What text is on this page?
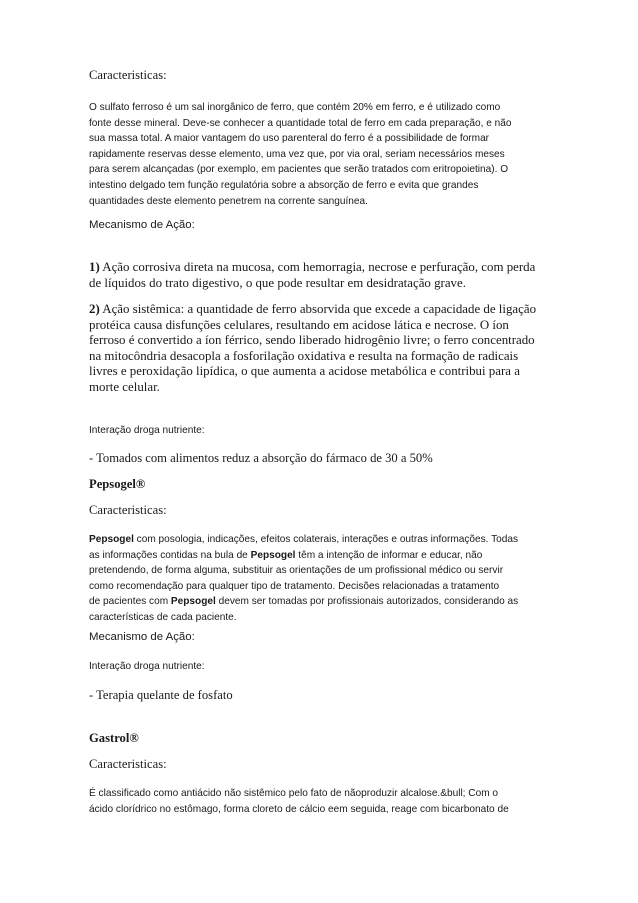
Caracteristicas:

O sulfato ferroso é um sal inorgânico de ferro, que contém 20% em ferro, e é utilizado como
fonte desse mineral. Deve-se conhecer a quantidade total de ferro em cada preparação, e não
sua massa total. A maior vantagem do uso parenteral do ferro é a possibilidade de formar
rapidamente reservas desse elemento, uma vez que, por via oral, seriam necessários meses
para serem alcançadas (por exemplo, em pacientes que serão tratados com eritropoietina). O
intestino delgado tem função regulatória sobre a absorção de ferro e evita que grandes
quantidades deste elemento penetrem na corrente sanguínea.

Mecanismo de Ação:

1) Ação corrosiva direta na mucosa, com hemorragia, necrose e perfuração, com perda
de líquidos do trato digestivo, o que pode resultar em desidratação grave.
2) Ação sistêmica: a quantidade de ferro absorvida que excede a capacidade de ligação
protéica causa disfunções celulares, resultando em acidose lática e necrose. O íon
ferroso é convertido a íon férrico, sendo liberado hidrogênio livre; o ferro concentrado
na mitocôndria desacopla a fosforilação oxidativa e resulta na formação de radicais
livres e peroxidação lipídica, o que aumenta a acidose metabólica e contribui para a
morte celular.

Interação droga nutriente:

- Tomados com alimentos reduz a absorção do fármaco de 30 a 50%

Pepsogel®

Caracteristicas:

Pepsogel com posologia, indicações, efeitos colaterais, interações e outras informações. Todas
as informações contidas na bula de Pepsogel têm a intenção de informar e educar, não
pretendendo, de forma alguma, substituir as orientações de um profissional médico ou servir
como recomendação para qualquer tipo de tratamento. Decisões relacionadas a tratamento
de pacientes com Pepsogel devem ser tomadas por profissionais autorizados, considerando as
características de cada paciente.

Mecanismo de Ação:

Interação droga nutriente:

- Terapia quelante de fosfato

Gastrol®

Caracteristicas:

É classificado como antiácido não sistêmico pelo fato de nãoproduzir alcalose.&bull; Com o
ácido clorídrico no estômago, forma cloreto de cálcio eem seguida, reage com bicarbonato de
